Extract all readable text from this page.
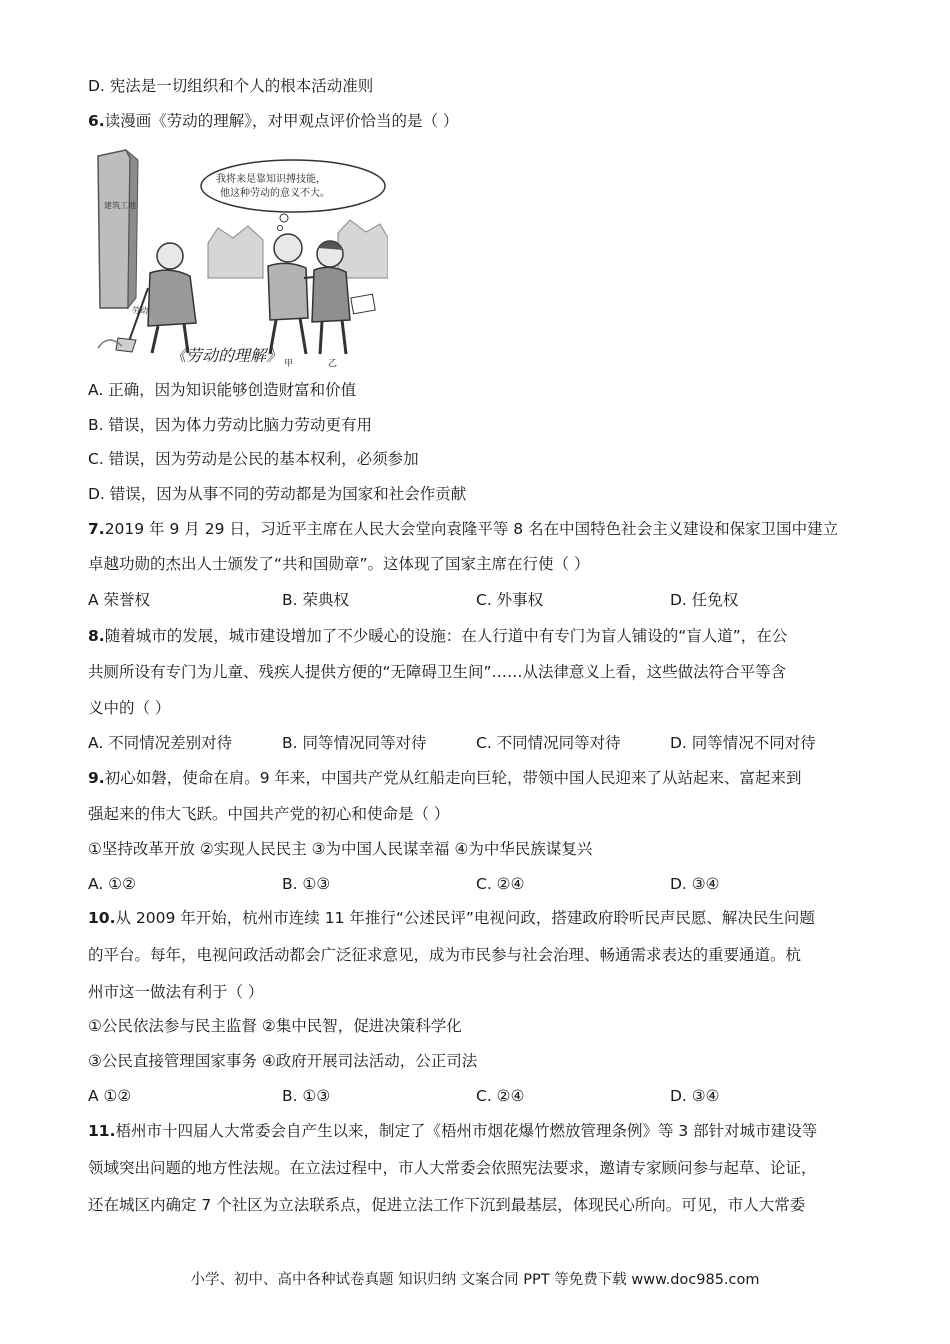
D. 宪法是一切组织和个人的根本活动准则
6.读漫画《劳动的理解》，对甲观点评价恰当的是（ ）
建筑工地
我将来是靠知识搏技能，
他这种劳动的意义不大。
劳动
甲	乙
《劳动的理解》
A. 正确，因为知识能够创造财富和价值
B. 错误，因为体力劳动比脑力劳动更有用
C. 错误，因为劳动是公民的基本权利，必须参加
D. 错误，因为从事不同的劳动都是为国家和社会作贡献
7.2019 年 9 月 29 日，习近平主席在人民大会堂向袁隆平等 8 名在中国特色社会主义建设和保家卫国中建立
卓越功勋的杰出人士颁发了“共和国勋章”。这体现了国家主席在行使（ ）
A 荣誉权	B. 荣典权	C. 外事权	D. 任免权
8.随着城市的发展，城市建设增加了不少暖心的设施：在人行道中有专门为盲人铺设的“盲人道”，在公
共厕所设有专门为儿童、残疾人提供方便的“无障碍卫生间”……从法律意义上看，这些做法符合平等含
义中的（ ）
A. 不同情况差别对待	B. 同等情况同等对待	C. 不同情况同等对待	D. 同等情况不同对待
9.初心如磐，使命在肩。9 年来，中国共产党从红船走向巨轮，带领中国人民迎来了从站起来、富起来到
强起来的伟大飞跃。中国共产党的初心和使命是（ ）
①坚持改革开放 ②实现人民民主 ③为中国人民谋幸福 ④为中华民族谋复兴
A. ①②	B. ①③	C. ②④	D. ③④
10.从 2009 年开始，杭州市连续 11 年推行“公述民评”电视问政，搭建政府聆听民声民愿、解决民生问题
的平台。每年，电视问政活动都会广泛征求意见，成为市民参与社会治理、畅通需求表达的重要通道。杭
州市这一做法有利于（ ）
①公民依法参与民主监督 ②集中民智，促进决策科学化
③公民直接管理国家事务 ④政府开展司法活动，公正司法
A ①②	B. ①③	C. ②④	D. ③④
11.梧州市十四届人大常委会自产生以来，制定了《梧州市烟花爆竹燃放管理条例》等 3 部针对城市建设等
领域突出问题的地方性法规。在立法过程中，市人大常委会依照宪法要求，邀请专家顾问参与起草、论证，
还在城区内确定 7 个社区为立法联系点，促进立法工作下沉到最基层，体现民心所向。可见，市人大常委
小学、初中、高中各种试卷真题 知识归纳 文案合同 PPT 等免费下载 www.doc985.com
